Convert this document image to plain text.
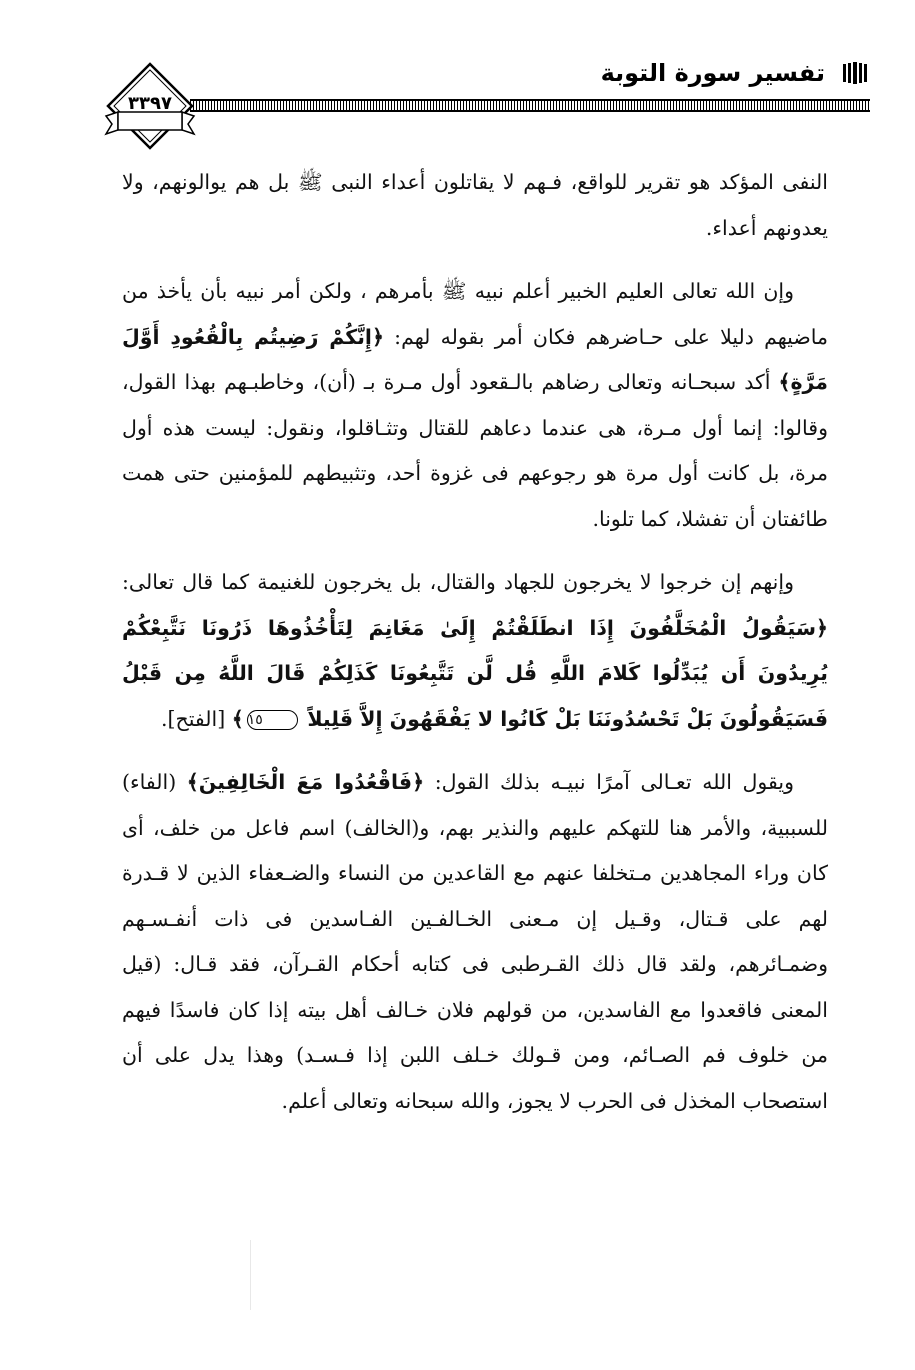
تفسير سورة التوبة
٣٣٩٧

النفى المؤكد هو تقرير للواقع، فـهم لا يقاتلون أعداء النبى ﷺ بل هم يوالونهم، ولا يعدونهم أعداء.

وإن الله تعالى العليم الخبير أعلم نبيه ﷺ بأمرهم ، ولكن أمر نبيه بأن يأخذ من ماضيهم دليلا على حـاضرهم فكان أمر بقوله لهم: ﴿إِنَّكُمْ رَضِيتُم بِالْقُعُودِ أَوَّلَ مَرَّةٍ﴾ أكد سبحـانه وتعالى رضاهم بالـقعود أول مـرة بـ (أن)، وخاطبـهم بهذا القول، وقالوا: إنما أول مـرة، هى عندما دعاهم للقتال وتثـاقلوا، ونقول: ليست هذه أول مرة، بل كانت أول مرة هو رجوعهم فى غزوة أحد، وتثبيطهم للمؤمنين حتى همت طائفتان أن تفشلا، كما تلونا.

وإنهم إن خرجوا لا يخرجون للجهاد والقتال، بل يخرجون للغنيمة كما قال تعالى: ﴿سَيَقُولُ الْمُخَلَّفُونَ إِذَا انطَلَقْتُمْ إِلَىٰ مَغَانِمَ لِتَأْخُذُوهَا ذَرُونَا نَتَّبِعْكُمْ يُرِيدُونَ أَن يُبَدِّلُوا كَلامَ اللَّهِ قُل لَّن تَتَّبِعُونَا كَذَلِكُمْ قَالَ اللَّهُ مِن قَبْلُ فَسَيَقُولُونَ بَلْ تَحْسُدُونَنَا بَلْ كَانُوا لا يَفْقَهُونَ إِلاَّ قَلِيلاً ١٥﴾ [الفتح].

ويقول الله تعـالى آمرًا نبيـه بذلك القول: ﴿فَاقْعُدُوا مَعَ الْخَالِفِينَ﴾ (الفاء) للسببية، والأمر هنا للتهكم عليهم والنذير بهم، و(الخالف) اسم فاعل من خلف، أى كان وراء المجاهدين مـتخلفا عنهم مع القاعدين من النساء والضـعفاء الذين لا قـدرة لهم على قـتال، وقـيل إن مـعنى الخـالفـين الفـاسدين فى ذات أنفـسـهم وضمـائرهم، ولقد قال ذلك القـرطبى فى كتابه أحكام القـرآن، فقد قـال: (قيل المعنى فاقعدوا مع الفاسدين، من قولهم فلان خـالف أهل بيته إذا كان فاسدًا فيهم من خلوف فم الصـائم، ومن قـولك خـلف اللبن إذا فـسـد) وهذا يدل على أن استصحاب المخذل فى الحرب لا يجوز، والله سبحانه وتعالى أعلم.
